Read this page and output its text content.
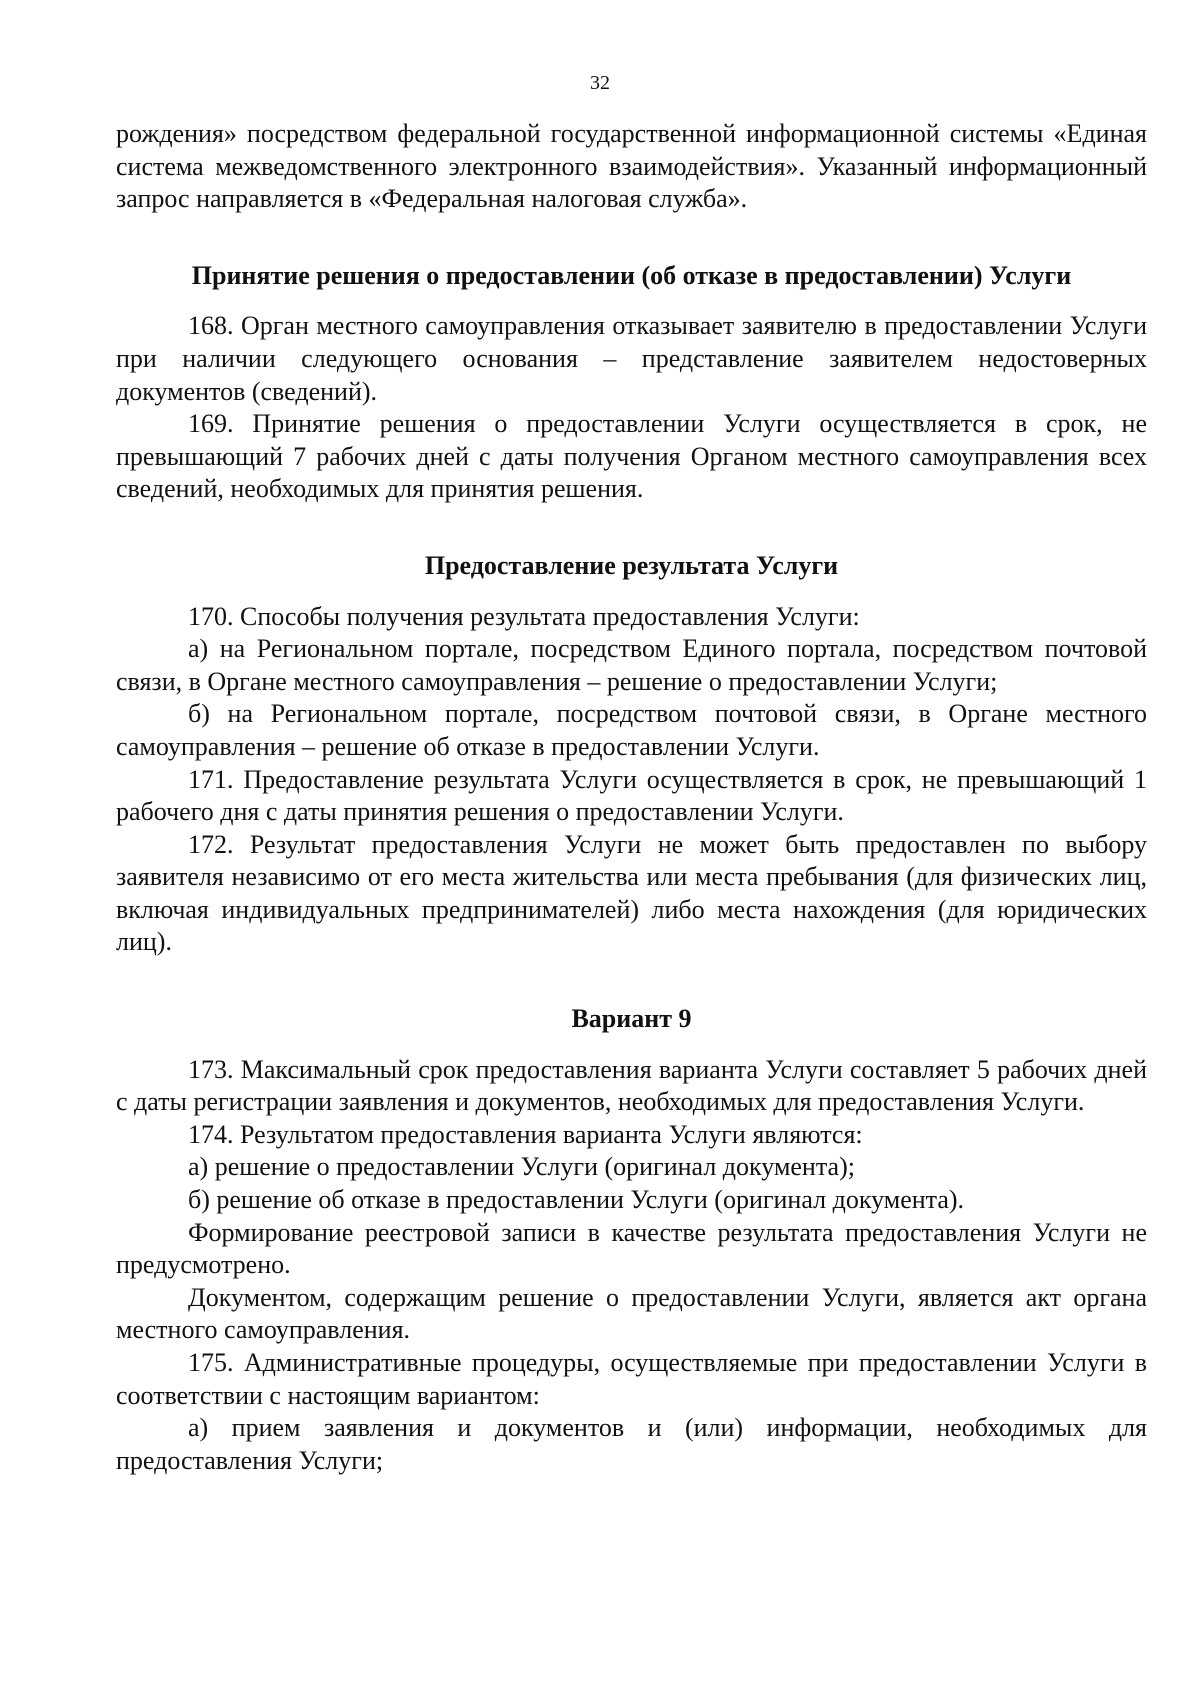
32

рождения» посредством федеральной государственной информационной системы «Единая система межведомственного электронного взаимодействия». Указанный информационный запрос направляется в «Федеральная налоговая служба».

Принятие решения о предоставлении (об отказе в предоставлении) Услуги

168. Орган местного самоуправления отказывает заявителю в предоставлении Услуги при наличии следующего основания – представление заявителем недостоверных документов (сведений).

169. Принятие решения о предоставлении Услуги осуществляется в срок, не превышающий 7 рабочих дней с даты получения Органом местного самоуправления всех сведений, необходимых для принятия решения.

Предоставление результата Услуги

170. Способы получения результата предоставления Услуги:

а) на Региональном портале, посредством Единого портала, посредством почтовой связи, в Органе местного самоуправления – решение о предоставлении Услуги;

б) на Региональном портале, посредством почтовой связи, в Органе местного самоуправления – решение об отказе в предоставлении Услуги.

171. Предоставление результата Услуги осуществляется в срок, не превышающий 1 рабочего дня с даты принятия решения о предоставлении Услуги.

172. Результат предоставления Услуги не может быть предоставлен по выбору заявителя независимо от его места жительства или места пребывания (для физических лиц, включая индивидуальных предпринимателей) либо места нахождения (для юридических лиц).

Вариант 9

173. Максимальный срок предоставления варианта Услуги составляет 5 рабочих дней с даты регистрации заявления и документов, необходимых для предоставления Услуги.

174. Результатом предоставления варианта Услуги являются:

а) решение о предоставлении Услуги (оригинал документа);

б) решение об отказе в предоставлении Услуги (оригинал документа).

Формирование реестровой записи в качестве результата предоставления Услуги не предусмотрено.

Документом, содержащим решение о предоставлении Услуги, является акт органа местного самоуправления.

175. Административные процедуры, осуществляемые при предоставлении Услуги в соответствии с настоящим вариантом:

а) прием заявления и документов и (или) информации, необходимых для предоставления Услуги;
